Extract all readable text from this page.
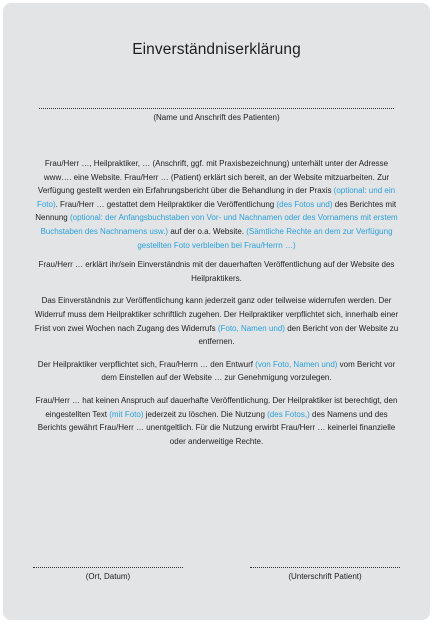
Einverständniserklärung
(Name und Anschrift des Patienten)

Frau/Herr …, Heilpraktiker, … (Anschrift, ggf. mit Praxisbezeichnung) unterhält unter der Adresse www…. eine Website. Frau/Herr … (Patient) erklärt sich bereit, an der Website mitzuarbeiten. Zur Verfügung gestellt werden ein Erfahrungsbericht über die Behandlung in der Praxis (optional: und ein Foto). Frau/Herr … gestattet dem Heilpraktiker die Veröffentlichung (des Fotos und) des Berichtes mit Nennung (optional: der Anfangsbuchstaben von Vor- und Nachnamen oder des Vornamens mit erstem Buchstaben des Nachnamens usw.) auf der o.a. Website. (Sämtliche Rechte an dem zur Verfügung gestellten Foto verbleiben bei Frau/Herrn …)

Frau/Herr … erklärt ihr/sein Einverständnis mit der dauerhaften Veröffentlichung auf der Website des Heilpraktikers.

Das Einverständnis zur Veröffentlichung kann jederzeit ganz oder teilweise widerrufen werden. Der Widerruf muss dem Heilpraktiker schriftlich zugehen. Der Heilpraktiker verpflichtet sich, innerhalb einer Frist von zwei Wochen nach Zugang des Widerrufs (Foto, Namen und) den Bericht von der Website zu entfernen.

Der Heilpraktiker verpflichtet sich, Frau/Herrn … den Entwurf (von Foto, Namen und) vom Bericht vor dem Einstellen auf der Website … zur Genehmigung vorzulegen.

Frau/Herr … hat keinen Anspruch auf dauerhafte Veröffentlichung. Der Heilpraktiker ist berechtigt, den eingestellten Text (mit Foto) jederzeit zu löschen. Die Nutzung (des Fotos,) des Namens und des Berichts gewährt Frau/Herr … unentgeltlich. Für die Nutzung erwirbt Frau/Herr … keinerlei finanzielle oder anderweitige Rechte.

(Ort, Datum)	(Unterschrift Patient)
